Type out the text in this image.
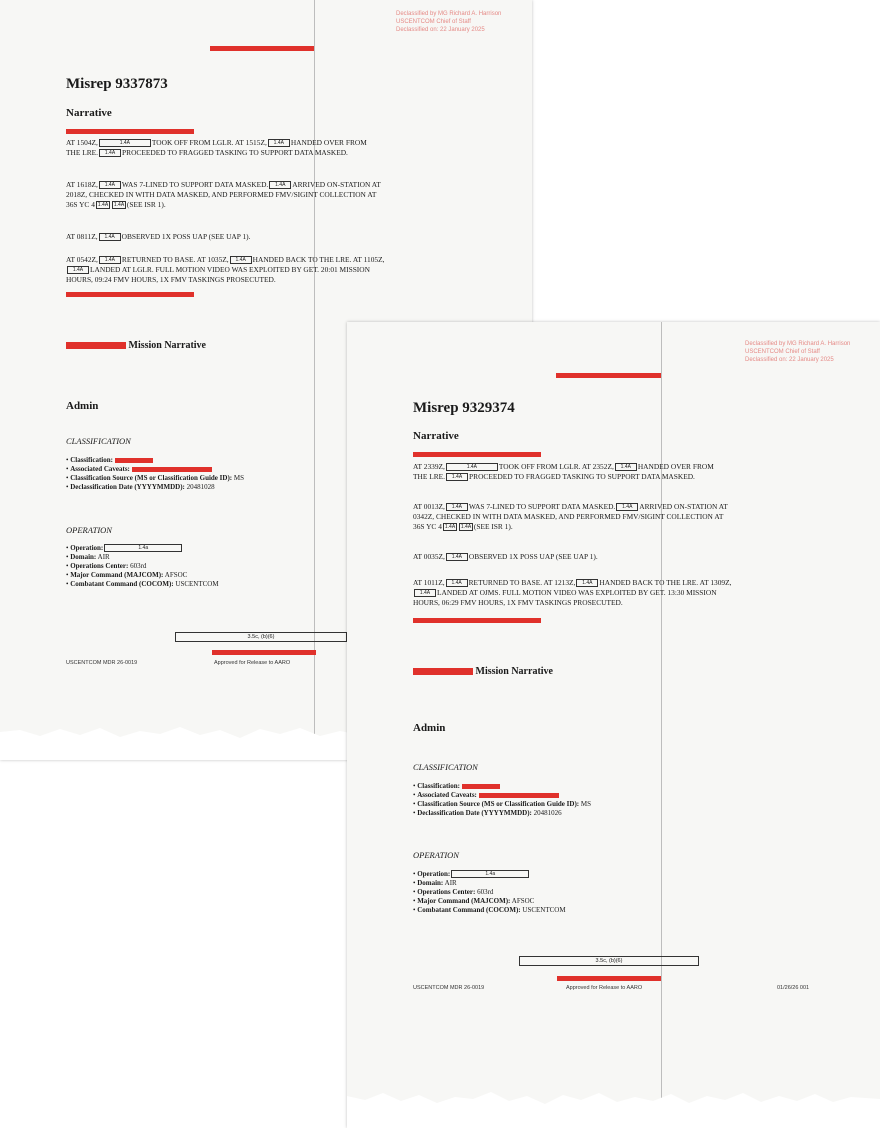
Declassified by MG Richard A. Harrison
USCENTCOM Chief of Staff
Declassified on: 22 January 2025
Misrep 9337873
Narrative
AT 1504Z,	1.4A	TOOK OFF FROM LGLR. AT 1515Z, 1.4A HANDED OVER FROM
THE LRE. 1.4A PROCEEDED TO FRAGGED TASKING TO SUPPORT DATA MASKED.
AT 1618Z, 1.4A WAS 7-LINED TO SUPPORT DATA MASKED. 1.4A ARRIVED ON-STATION AT
2018Z, CHECKED IN WITH DATA MASKED, AND PERFORMED FMV/SIGINT COLLECTION AT
36S YC 4 1.4A 1.4A (SEE ISR 1).
AT 0811Z, 1.4A OBSERVED 1X POSS UAP (SEE UAP 1).
AT 0542Z, 1.4A RETURNED TO BASE. AT 1035Z, 1.4A HANDED BACK TO THE LRE. AT 1105Z,
1.4A LANDED AT LGLR. FULL MOTION VIDEO WAS EXPLOITED BY GET. 20:01 MISSION
HOURS, 09:24 FMV HOURS, 1X FMV TASKINGS PROSECUTED.
Mission Narrative
Admin
CLASSIFICATION
• Classification:
• Associated Caveats:
• Classification Source (MS or Classification Guide ID): MS
• Declassification Date (YYYYMMDD): 20481028
OPERATION
• Operation:	1.4a
• Domain: AIR
• Operations Center: 603rd
• Major Command (MAJCOM): AFSOC
• Combatant Command (COCOM): USCENTCOM
3.5c, (b)(6)
USCENTCOM MDR 26-0019	Approved for Release to AARO
Declassified by MG Richard A. Harrison
USCENTCOM Chief of Staff
Declassified on: 22 January 2025
Misrep 9329374
Narrative
AT 2339Z,	1.4A	TOOK OFF FROM LGLR. AT 2352Z, 1.4A HANDED OVER FROM
THE LRE. 1.4A PROCEEDED TO FRAGGED TASKING TO SUPPORT DATA MASKED.
AT 0013Z, 1.4A WAS 7-LINED TO SUPPORT DATA MASKED. 1.4A ARRIVED ON-STATION AT
0342Z, CHECKED IN WITH DATA MASKED, AND PERFORMED FMV/SIGINT COLLECTION AT
36S YC 4 1.4A 1.4A (SEE ISR 1).
AT 0035Z, 1.4A OBSERVED 1X POSS UAP (SEE UAP 1).
AT 1011Z, 1.4A RETURNED TO BASE. AT 1213Z, 1.4A HANDED BACK TO THE LRE. AT 1309Z,
1.4A LANDED AT OJMS. FULL MOTION VIDEO WAS EXPLOITED BY GET. 13:30 MISSION
HOURS, 06:29 FMV HOURS, 1X FMV TASKINGS PROSECUTED.
Mission Narrative
Admin
CLASSIFICATION
• Classification:
• Associated Caveats:
• Classification Source (MS or Classification Guide ID): MS
• Declassification Date (YYYYMMDD): 20481026
OPERATION
• Operation:	1.4a
• Domain: AIR
• Operations Center: 603rd
• Major Command (MAJCOM): AFSOC
• Combatant Command (COCOM): USCENTCOM
3.5c, (b)(6)
USCENTCOM MDR 26-0019	Approved for Release to AARO	01/26/26 001
